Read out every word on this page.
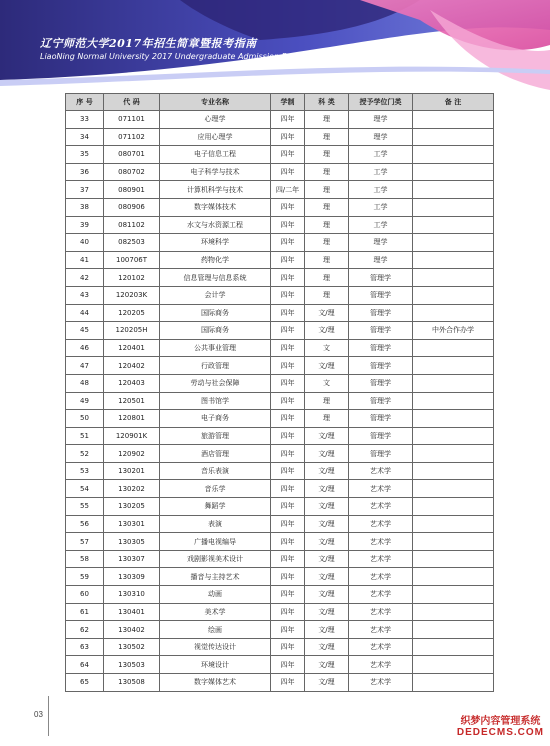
辽宁师范大学2017年招生简章暨报考指南
LiaoNing Normal University 2017 Undergraduate Admission Brochure
序 号	代 码	专业名称	学制	科 类	授予学位门类	备 注
33	071101	心理学	四年	理	理学	
34	071102	应用心理学	四年	理	理学	
35	080701	电子信息工程	四年	理	工学	
36	080702	电子科学与技术	四年	理	工学	
37	080901	计算机科学与技术	四/二年	理	工学	
38	080906	数字媒体技术	四年	理	工学	
39	081102	水文与水资源工程	四年	理	工学	
40	082503	环境科学	四年	理	理学	
41	100706T	药物化学	四年	理	理学	
42	120102	信息管理与信息系统	四年	理	管理学	
43	120203K	会计学	四年	理	管理学	
44	120205	国际商务	四年	文/理	管理学	
45	120205H	国际商务	四年	文/理	管理学	中外合作办学
46	120401	公共事业管理	四年	文	管理学	
47	120402	行政管理	四年	文/理	管理学	
48	120403	劳动与社会保障	四年	文	管理学	
49	120501	图书馆学	四年	理	管理学	
50	120801	电子商务	四年	理	管理学	
51	120901K	旅游管理	四年	文/理	管理学	
52	120902	酒店管理	四年	文/理	管理学	
53	130201	音乐表演	四年	文/理	艺术学	
54	130202	音乐学	四年	文/理	艺术学	
55	130205	舞蹈学	四年	文/理	艺术学	
56	130301	表演	四年	文/理	艺术学	
57	130305	广播电视编导	四年	文/理	艺术学	
58	130307	戏剧影视美术设计	四年	文/理	艺术学	
59	130309	播音与主持艺术	四年	文/理	艺术学	
60	130310	动画	四年	文/理	艺术学	
61	130401	美术学	四年	文/理	艺术学	
62	130402	绘画	四年	文/理	艺术学	
63	130502	视觉传达设计	四年	文/理	艺术学	
64	130503	环境设计	四年	文/理	艺术学	
65	130508	数字媒体艺术	四年	文/理	艺术学	
03
织梦内容管理系统
DEDECMS.COM
